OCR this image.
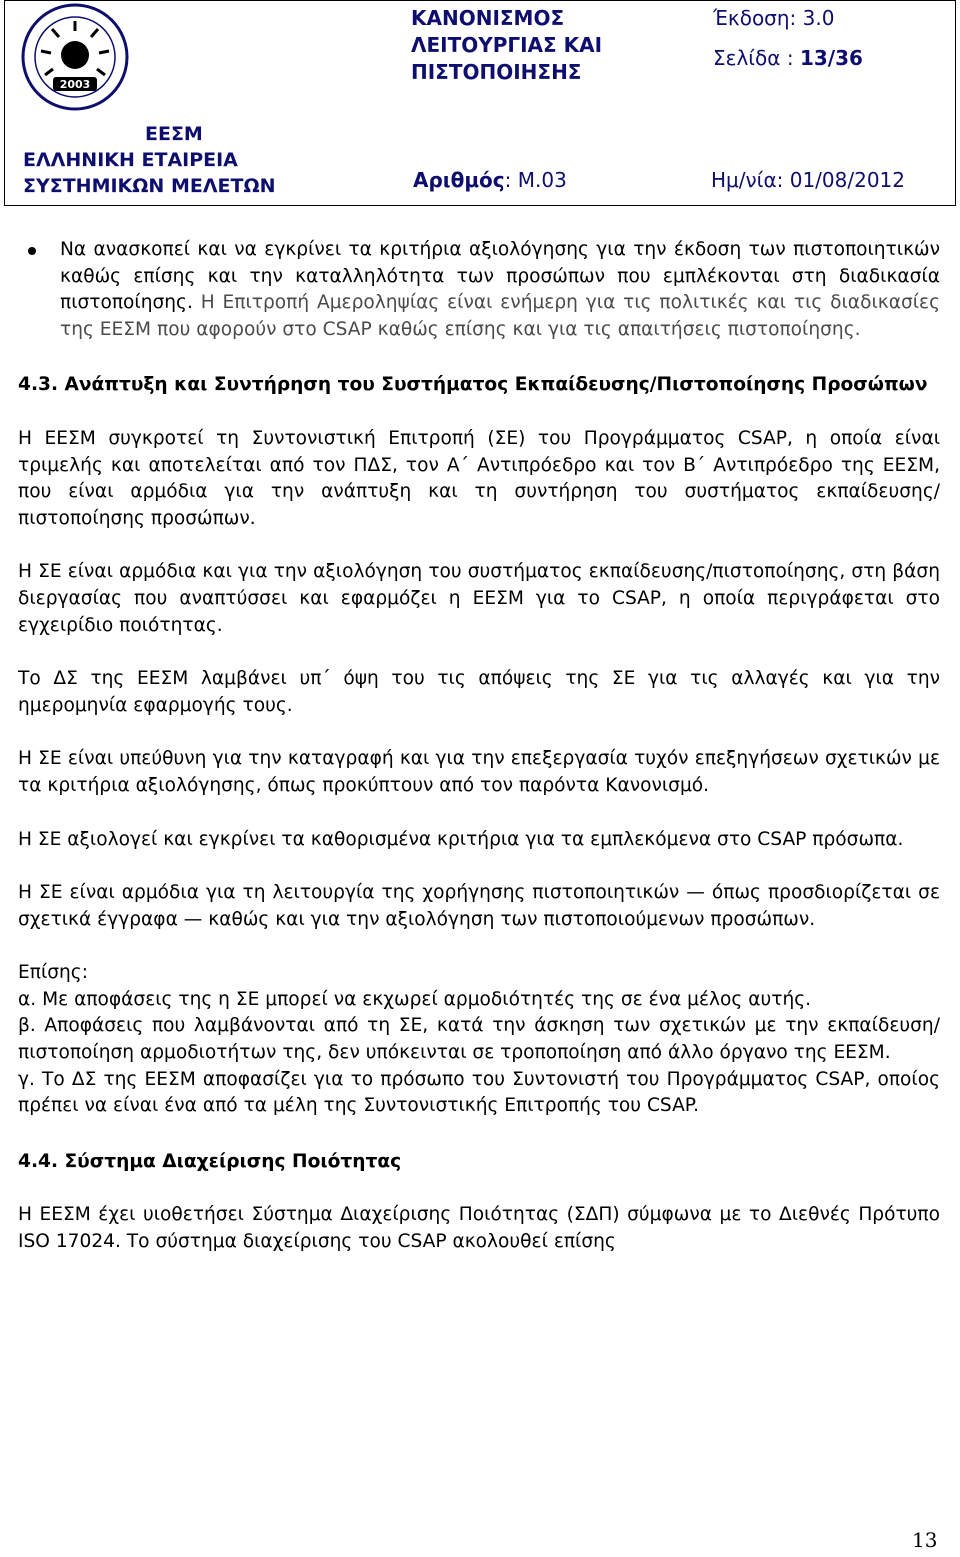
2003
ΕΕΣΜ
ΕΛΛΗΝΙΚΗ ΕΤΑΙΡΕΙΑ
ΣΥΣΤΗΜΙΚΩΝ ΜΕΛΕΤΩΝ
ΚΑΝΟΝΙΣΜΟΣ
ΛΕΙΤΟΥΡΓΙΑΣ ΚΑΙ
ΠΙΣΤΟΠΟΙΗΣΗΣ
Έκδοση: 3.0
Σελίδα : 13/36
Αριθμός: Μ.03	Ημ/νία: 01/08/2012

Να ανασκοπεί και να εγκρίνει τα κριτήρια αξιολόγησης για την έκδοση των πιστοποιητικών καθώς επίσης και την καταλληλότητα των προσώπων που εμπλέκονται στη διαδικασία πιστοποίησης. Η Επιτροπή Αμεροληψίας είναι ενήμερη για τις πολιτικές και τις διαδικασίες της ΕΕΣΜ που αφορούν στο CSAP καθώς επίσης και για τις απαιτήσεις πιστοποίησης.

4.3. Ανάπτυξη και Συντήρηση του Συστήματος Εκπαίδευσης/Πιστοποίησης Προσώπων

Η ΕΕΣΜ συγκροτεί τη Συντονιστική Επιτροπή (ΣΕ) του Προγράμματος CSAP, η οποία είναι τριμελής και αποτελείται από τον ΠΔΣ, τον Α΄ Αντιπρόεδρο και τον Β΄ Αντιπρόεδρο της ΕΕΣΜ, που είναι αρμόδια για την ανάπτυξη και τη συντήρηση του συστήματος εκπαίδευσης/πιστοποίησης προσώπων.

Η ΣΕ είναι αρμόδια και για την αξιολόγηση του συστήματος εκπαίδευσης/πιστοποίησης, στη βάση διεργασίας που αναπτύσσει και εφαρμόζει η ΕΕΣΜ για το CSAP, η οποία περιγράφεται στο εγχειρίδιο ποιότητας.

Το ΔΣ της ΕΕΣΜ λαμβάνει υπ΄ όψη του τις απόψεις της ΣΕ για τις αλλαγές και για την ημερομηνία εφαρμογής τους.

Η ΣΕ είναι υπεύθυνη για την καταγραφή και για την επεξεργασία τυχόν επεξηγήσεων σχετικών με τα κριτήρια αξιολόγησης, όπως προκύπτουν από τον παρόντα Κανονισμό.

Η ΣΕ αξιολογεί και εγκρίνει τα καθορισμένα κριτήρια για τα εμπλεκόμενα στο CSAP πρόσωπα.

Η ΣΕ είναι αρμόδια για τη λειτουργία της χορήγησης πιστοποιητικών — όπως προσδιορίζεται σε σχετικά έγγραφα — καθώς και για την αξιολόγηση των πιστοποιούμενων προσώπων.

Επίσης:

α. Με αποφάσεις της η ΣΕ μπορεί να εκχωρεί αρμοδιότητές της σε ένα μέλος αυτής.

β. Αποφάσεις που λαμβάνονται από τη ΣΕ, κατά την άσκηση των σχετικών με την εκπαίδευση/πιστοποίηση αρμοδιοτήτων της, δεν υπόκεινται σε τροποποίηση από άλλο όργανο της ΕΕΣΜ.

γ. Το ΔΣ της ΕΕΣΜ αποφασίζει για το πρόσωπο του Συντονιστή του Προγράμματος CSAP, οποίος πρέπει να είναι ένα από τα μέλη της Συντονιστικής Επιτροπής του CSAP.

4.4. Σύστημα Διαχείρισης Ποιότητας

Η ΕΕΣΜ έχει υιοθετήσει Σύστημα Διαχείρισης Ποιότητας (ΣΔΠ) σύμφωνα με το Διεθνές Πρότυπο ISO 17024. Το σύστημα διαχείρισης του CSAP ακολουθεί επίσης

13
